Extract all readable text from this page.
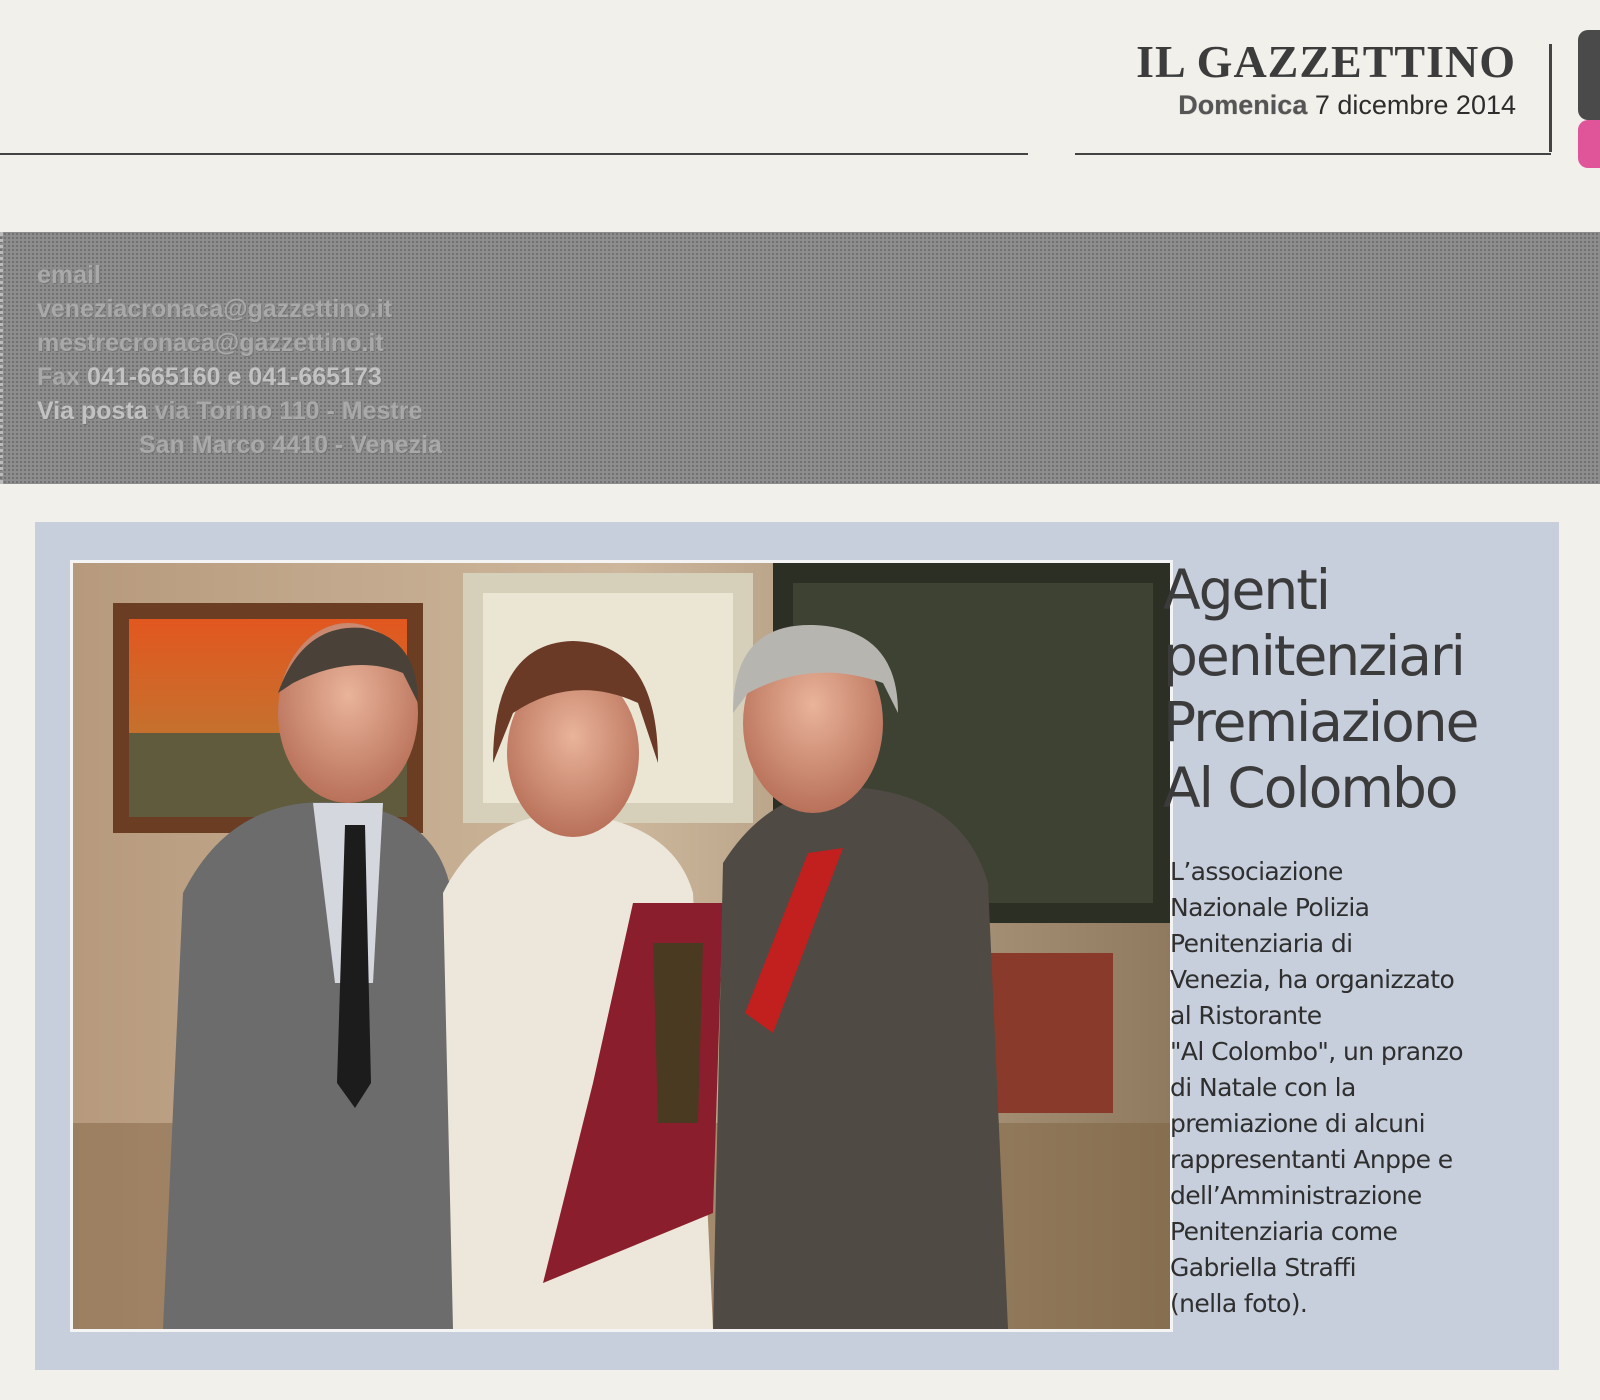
IL GAZZETTINO
Domenica 7 dicembre 2014
email
veneziacronaca@gazzettino.it
mestrecronaca@gazzettino.it
Fax 041-665160 e 041-665173
Via posta via Torino 110 - Mestre
San Marco 4410 - Venezia
Agenti
penitenziari
Premiazione
Al Colombo
L’associazione
Nazionale Polizia
Penitenziaria di
Venezia, ha organizzato
al Ristorante
"Al Colombo", un pranzo
di Natale con la
premiazione di alcuni
rappresentanti Anppe e
dell’Amministrazione
Penitenziaria come
Gabriella Straffi
(nella foto).
